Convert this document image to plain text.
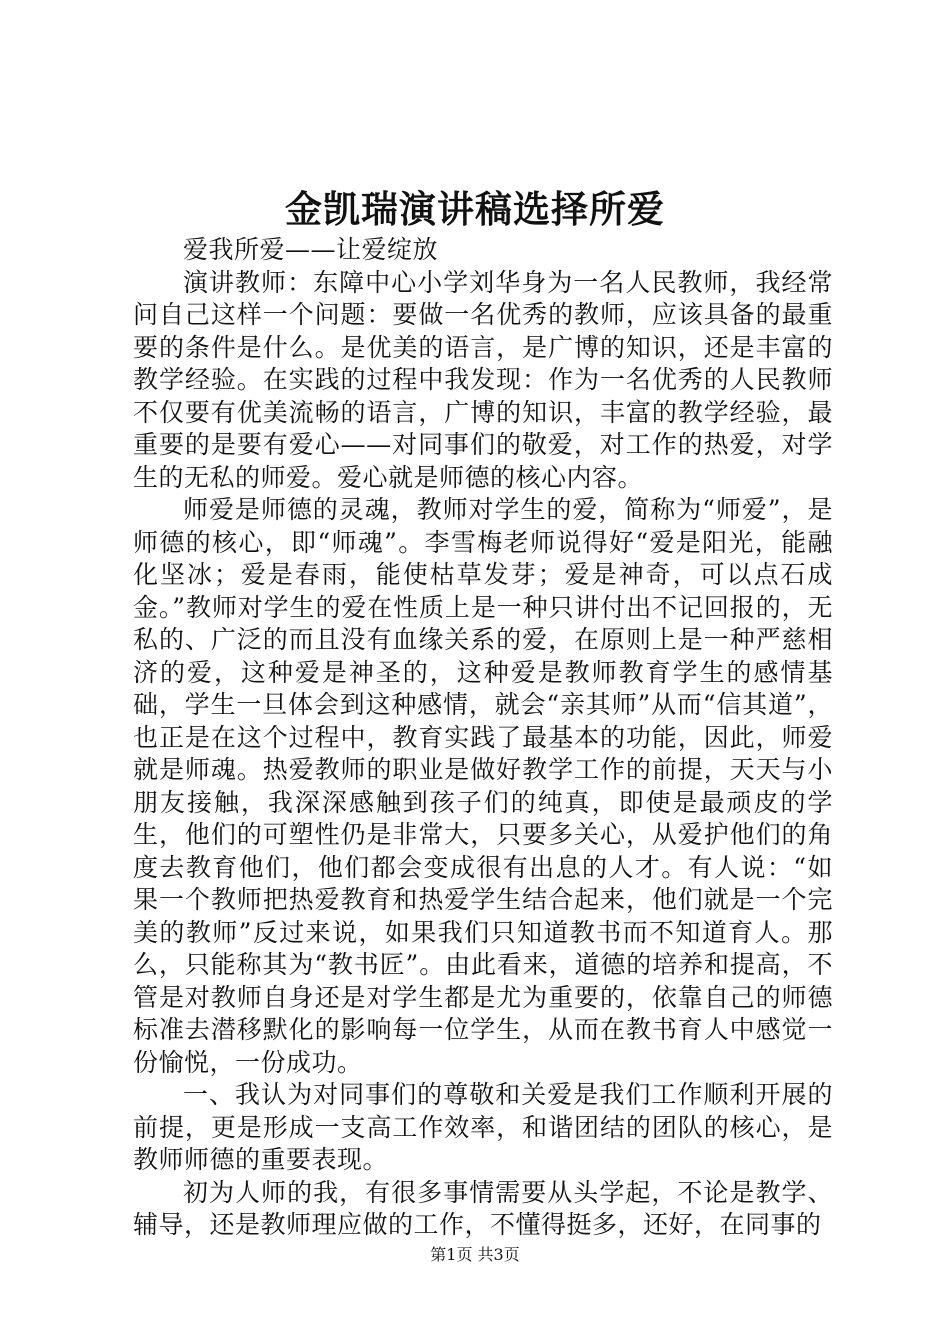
金凯瑞演讲稿选择所爱

爱我所爱——让爱绽放

演讲教师：东障中心小学刘华身为一名人民教师，我经常问自己这样一个问题：要做一名优秀的教师，应该具备的最重要的条件是什么。是优美的语言，是广博的知识，还是丰富的教学经验。在实践的过程中我发现：作为一名优秀的人民教师不仅要有优美流畅的语言，广博的知识，丰富的教学经验，最重要的是要有爱心——对同事们的敬爱，对工作的热爱，对学生的无私的师爱。爱心就是师德的核心内容。

师爱是师德的灵魂，教师对学生的爱，简称为“师爱”，是师德的核心，即“师魂”。李雪梅老师说得好“爱是阳光，能融化坚冰；爱是春雨，能使枯草发芽；爱是神奇，可以点石成金。”教师对学生的爱在性质上是一种只讲付出不记回报的，无私的、广泛的而且没有血缘关系的爱，在原则上是一种严慈相济的爱，这种爱是神圣的，这种爱是教师教育学生的感情基础，学生一旦体会到这种感情，就会“亲其师”从而“信其道”，也正是在这个过程中，教育实践了最基本的功能，因此，师爱就是师魂。热爱教师的职业是做好教学工作的前提，天天与小朋友接触，我深深感触到孩子们的纯真，即使是最顽皮的学生，他们的可塑性仍是非常大，只要多关心，从爱护他们的角度去教育他们，他们都会变成很有出息的人才。有人说：“如果一个教师把热爱教育和热爱学生结合起来，他们就是一个完美的教师”反过来说，如果我们只知道教书而不知道育人。那么，只能称其为“教书匠”。由此看来，道德的培养和提高，不管是对教师自身还是对学生都是尤为重要的，依靠自己的师德标准去潜移默化的影响每一位学生，从而在教书育人中感觉一份愉悦，一份成功。

一、我认为对同事们的尊敬和关爱是我们工作顺利开展的前提，更是形成一支高工作效率，和谐团结的团队的核心，是教师师德的重要表现。

初为人师的我，有很多事情需要从头学起，不论是教学、辅导，还是教师理应做的工作，不懂得挺多，还好，在同事的

第1页 共3页
